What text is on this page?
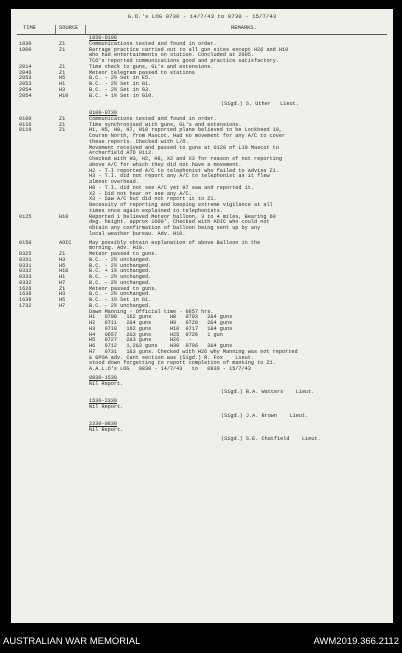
G.O.'s LOG 0730 - 14/7/43 to 0730 - 15/7/43
TIME	SOURCE	REMARKS.
1830-0100
1830	Z1	Communications tested and found in order.
1900	Z1	Barrage practice carried out to all gun sites except H26 and H10
who had entertainments on station. Concluded at 2005.
TCO's reported communications good and practice satisfactory.
2014	Z1	Time check to guns, GL's and extensions.
2046	Z1	Meteor telegram passed to stations
2053	H5	B.C. - 2½ Set in E5.
2053	H1	B.C. - 2½ Set in G1.
2054	H3	B.C. - 2½ Set in G3.
2054	H10	B.C. + 1½ Set in G10.
(Sigd.) S. Uther   Lieut.
0100-0730
0100	Z1	Communications tested and found in order.
0116	Z1	Time synchronised with guns, GL's and extensions.
0119	Z1	H1, H5, H9, H7, H10 reported plane believed to be Lockheed 10,
Course North, from Mascot. Had no movement for any A/C to cover
these reports. Checked with L/O.
Movement received and passed to guns at 0120 of L10 Mascot to
Archerfield ATD 0112.
Checked with H3, H2, H8, X2 and X3 for reason of not reporting
above A/C for which they did not have a movement.
H2 - T.I reported A/C to telephonist who failed to advise Z1.
H3 - T.I. did not report any A/C to telephonist as it flew
almost overhead.
H8 - T.I. did not see A/C yet H7 saw and reported it.
X2 - Did not hear or see any A/C.
X3 - Saw A/C but did not report it to Z1.
Necessity of reporting and keeping extreme vigilance at all
times once again explained to telephonists.
0125	H10	Reported 1 believed Meteor balloon, 3 to 4 miles, Bearing 60
deg. height. approx 1000'. Checked with AOIC who could not
obtain any confirmation of balloon being sent up by any
local weather bureau. Adv. H10.
0150	AOIC	May possibly obtain explanation of above Balloon in the
morning. Adv. H10.
0325	Z1	Meteor passed to guns.
0331	H3	B.C. - 2½ unchanged.
0331	H5	B.C. - 2½ unchanged.
0332	H10	B.C. + 1½ unchanged.
0333	H1	B.C. - 2½ unchanged.
0332	H7	B.C. - 2½ unchanged.
1626	Z1	Meteor passed to guns.
1638	H3	B.C. - 2½ unchanged.
1639	H5	B.C. - 1½ Set in G1.
1732	H7	B.C. - 2½ unchanged.
Dawn Manning - Official time - 0657 hrs.
H1   0708   162 guns      H8   0703   2&4 guns
H2   0711   2&4 guns      H9   0720   2&4 guns
H3   0718   162 guns      H10  0717   1&4 guns
H4   0657   2&3 guns      H25  0726   1 gun
H5   0727   2&3 guns      H26   -
H6   0712   1,2&3 guns    H30  0706   3&4 guns
H7   0731   1&3 guns. Checked with H26 why Manning was not reported
& GPOA adv. Cant section was (Sigd.) R. Fox    Lieut.
stood down forgetting to report completion of manning to Z1.
A.A.L.O's LOG   0830 - 14/7/43   to   0830 - 15/7/43
0830-1530
Nil Report.
(Sigd.) B.A. Watters    Lieut.
1530-2330
Nil Report.
(Sigd.) J.A. Brown    Lieut.
2330-0830
Nil Report.
(Sigd.) S.E. Chatfield    Lieut.
AUSTRALIAN WAR MEMORIAL	AWM2019.366.2112
